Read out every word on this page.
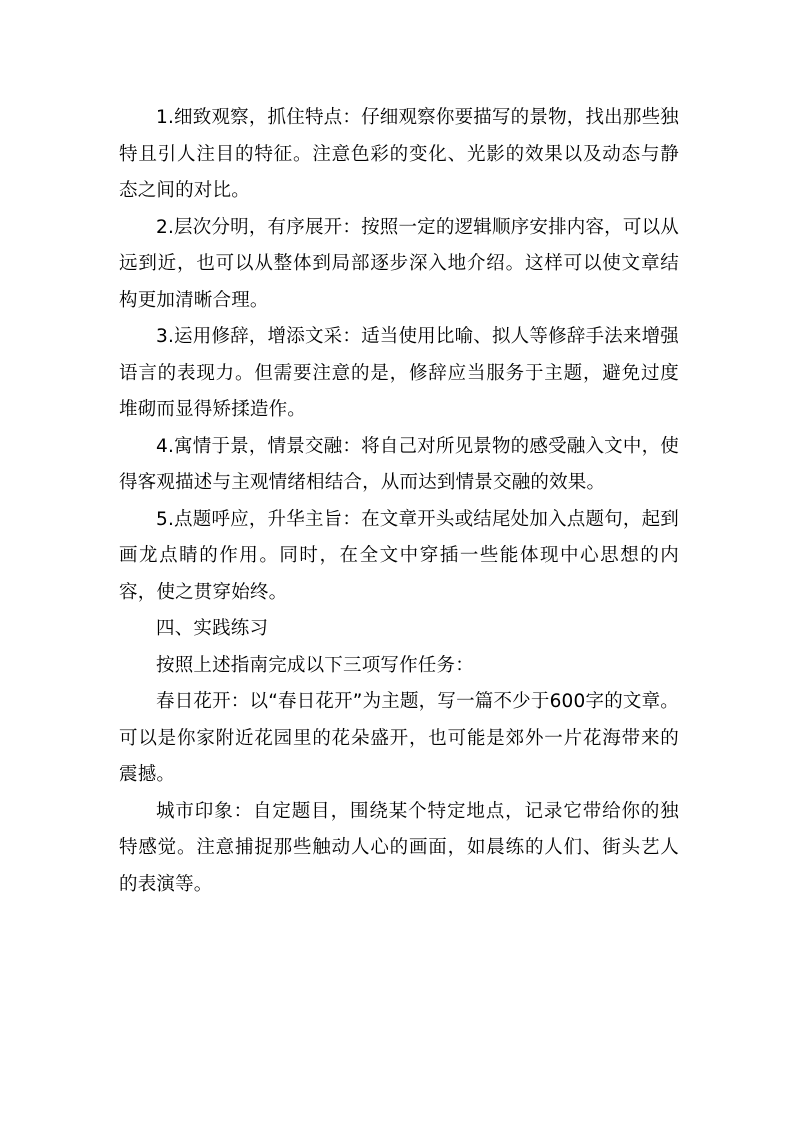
1.细致观察，抓住特点：仔细观察你要描写的景物，找出那些独特且引人注目的特征。注意色彩的变化、光影的效果以及动态与静态之间的对比。

2.层次分明，有序展开：按照一定的逻辑顺序安排内容，可以从远到近，也可以从整体到局部逐步深入地介绍。这样可以使文章结构更加清晰合理。

3.运用修辞，增添文采：适当使用比喻、拟人等修辞手法来增强语言的表现力。但需要注意的是，修辞应当服务于主题，避免过度堆砌而显得矫揉造作。

4.寓情于景，情景交融：将自己对所见景物的感受融入文中，使得客观描述与主观情绪相结合，从而达到情景交融的效果。

5.点题呼应，升华主旨：在文章开头或结尾处加入点题句，起到画龙点睛的作用。同时，在全文中穿插一些能体现中心思想的内容，使之贯穿始终。

四、实践练习

按照上述指南完成以下三项写作任务：

春日花开：以“春日花开”为主题，写一篇不少于600字的文章。可以是你家附近花园里的花朵盛开，也可能是郊外一片花海带来的震撼。

城市印象：自定题目，围绕某个特定地点，记录它带给你的独特感觉。注意捕捉那些触动人心的画面，如晨练的人们、街头艺人的表演等。
